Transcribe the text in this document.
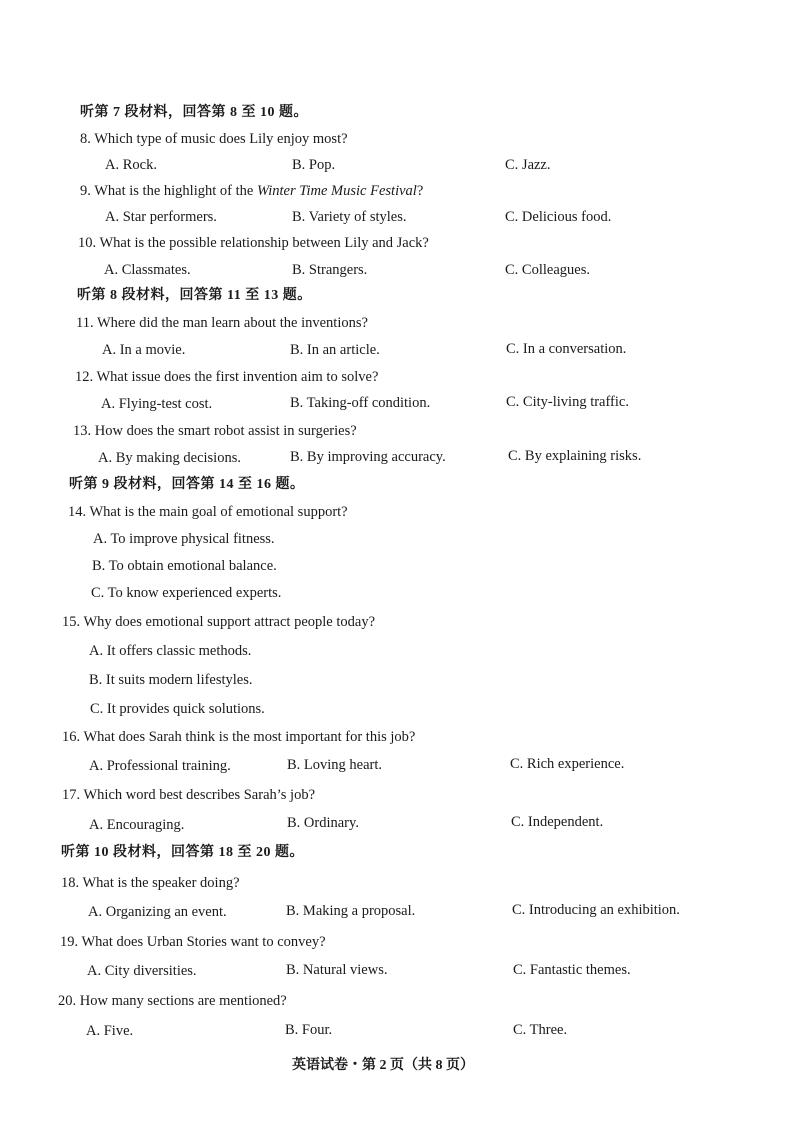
听第 7 段材料，回答第 8 至 10 题。
8. Which type of music does Lily enjoy most?
A. Rock.	B. Pop.	C. Jazz.
9. What is the highlight of the Winter Time Music Festival?
A. Star performers.	B. Variety of styles.	C. Delicious food.
10. What is the possible relationship between Lily and Jack?
A. Classmates.	B. Strangers.	C. Colleagues.
听第 8 段材料，回答第 11 至 13 题。
11. Where did the man learn about the inventions?
A. In a movie.	B. In an article.	C. In a conversation.
12. What issue does the first invention aim to solve?
A. Flying-test cost.	B. Taking-off condition.	C. City-living traffic.
13. How does the smart robot assist in surgeries?
A. By making decisions.	B. By improving accuracy.	C. By explaining risks.
听第 9 段材料，回答第 14 至 16 题。
14. What is the main goal of emotional support?
A. To improve physical fitness.
B. To obtain emotional balance.
C. To know experienced experts.
15. Why does emotional support attract people today?
A. It offers classic methods.
B. It suits modern lifestyles.
C. It provides quick solutions.
16. What does Sarah think is the most important for this job?
A. Professional training.	B. Loving heart.	C. Rich experience.
17. Which word best describes Sarah’s job?
A. Encouraging.	B. Ordinary.	C. Independent.
听第 10 段材料，回答第 18 至 20 题。
18. What is the speaker doing?
A. Organizing an event.	B. Making a proposal.	C. Introducing an exhibition.
19. What does Urban Stories want to convey?
A. City diversities.	B. Natural views.	C. Fantastic themes.
20. How many sections are mentioned?
A. Five.	B. Four.	C. Three.
英语试卷・第 2 页（共 8 页）
